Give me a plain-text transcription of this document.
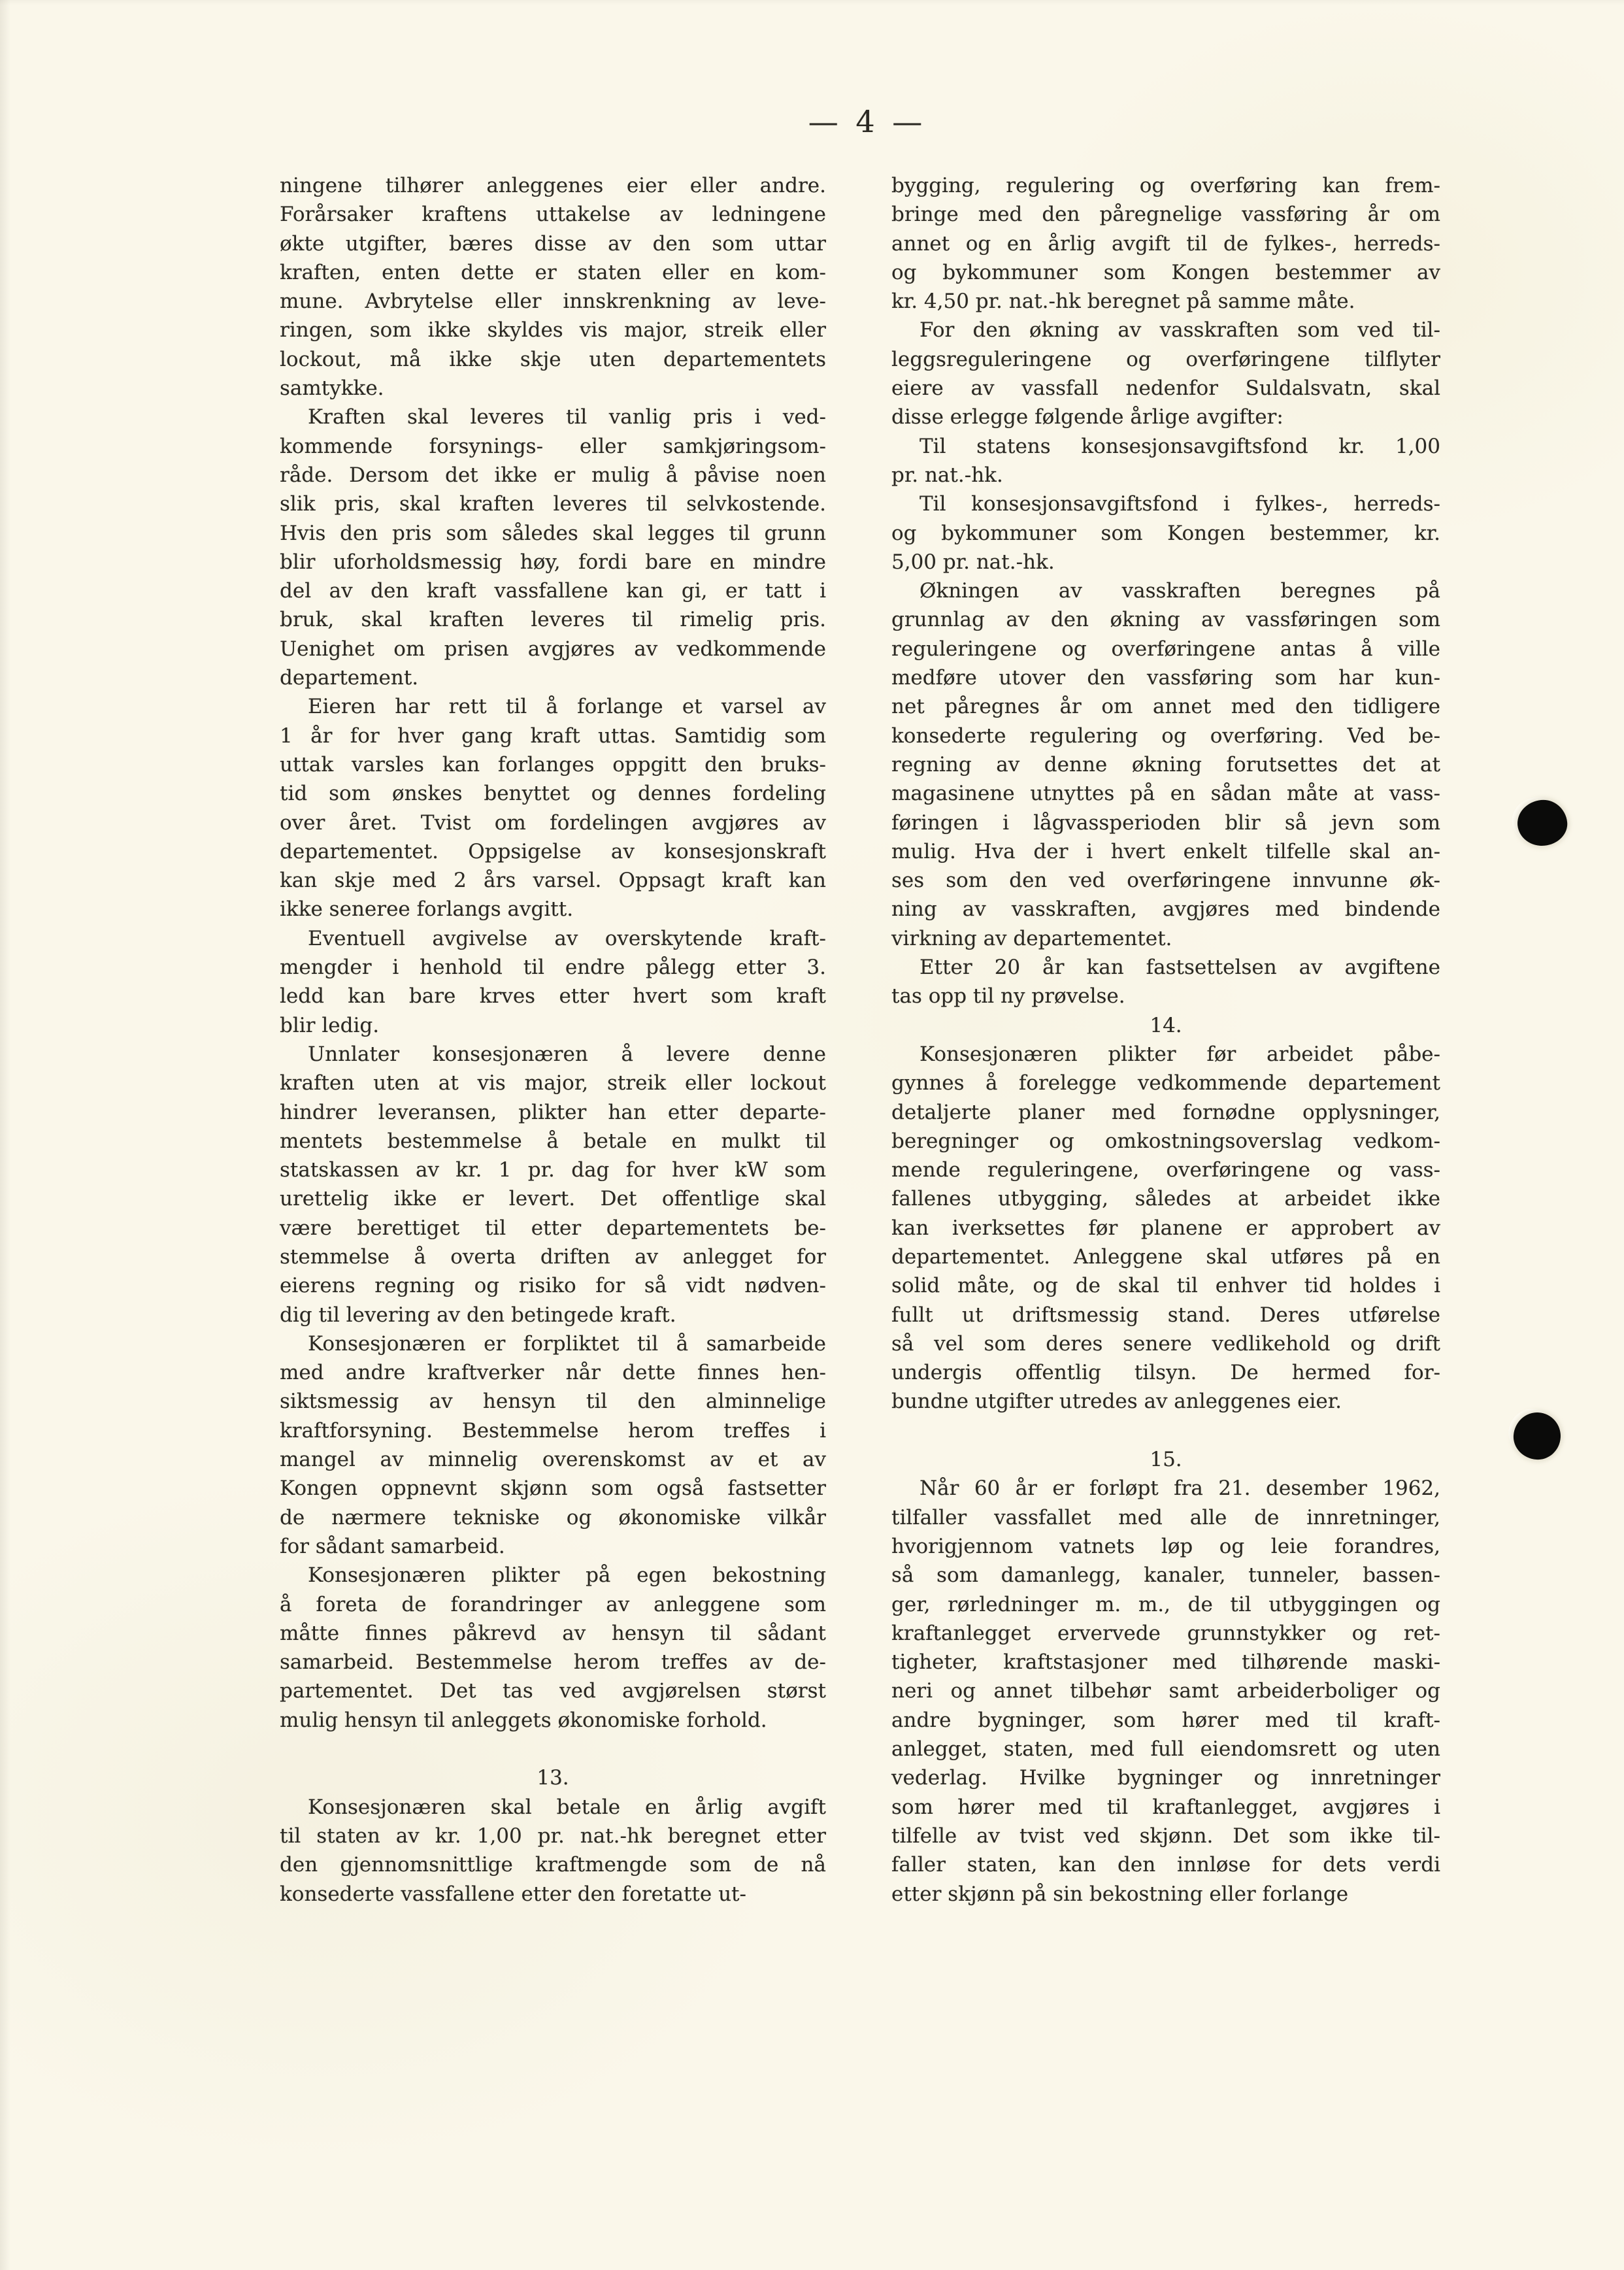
— 4 —
ningene tilhører anleggenes eier eller andre.
Forårsaker kraftens uttakelse av ledningene
økte utgifter, bæres disse av den som uttar
kraften, enten dette er staten eller en kom-
mune. Avbrytelse eller innskrenkning av leve-
ringen, som ikke skyldes vis major, streik eller
lockout, må ikke skje uten departementets
samtykke.
Kraften skal leveres til vanlig pris i ved-
kommende forsynings- eller samkjøringsom-
råde. Dersom det ikke er mulig å påvise noen
slik pris, skal kraften leveres til selvkostende.
Hvis den pris som således skal legges til grunn
blir uforholdsmessig høy, fordi bare en mindre
del av den kraft vassfallene kan gi, er tatt i
bruk, skal kraften leveres til rimelig pris.
Uenighet om prisen avgjøres av vedkommende
departement.
Eieren har rett til å forlange et varsel av
1 år for hver gang kraft uttas. Samtidig som
uttak varsles kan forlanges oppgitt den bruks-
tid som ønskes benyttet og dennes fordeling
over året. Tvist om fordelingen avgjøres av
departementet. Oppsigelse av konsesjonskraft
kan skje med 2 års varsel. Oppsagt kraft kan
ikke seneree forlangs avgitt.
Eventuell avgivelse av overskytende kraft-
mengder i henhold til endre pålegg etter 3.
ledd kan bare krves etter hvert som kraft
blir ledig.
Unnlater konsesjonæren å levere denne
kraften uten at vis major, streik eller lockout
hindrer leveransen, plikter han etter departe-
mentets bestemmelse å betale en mulkt til
statskassen av kr. 1 pr. dag for hver kW som
urettelig ikke er levert. Det offentlige skal
være berettiget til etter departementets be-
stemmelse å overta driften av anlegget for
eierens regning og risiko for så vidt nødven-
dig til levering av den betingede kraft.
Konsesjonæren er forpliktet til å samarbeide
med andre kraftverker når dette finnes hen-
siktsmessig av hensyn til den alminnelige
kraftforsyning. Bestemmelse herom treffes i
mangel av minnelig overenskomst av et av
Kongen oppnevnt skjønn som også fastsetter
de nærmere tekniske og økonomiske vilkår
for sådant samarbeid.
Konsesjonæren plikter på egen bekostning
å foreta de forandringer av anleggene som
måtte finnes påkrevd av hensyn til sådant
samarbeid. Bestemmelse herom treffes av de-
partementet. Det tas ved avgjørelsen størst
mulig hensyn til anleggets økonomiske forhold.
13.
Konsesjonæren skal betale en årlig avgift
til staten av kr. 1,00 pr. nat.-hk beregnet etter
den gjennomsnittlige kraftmengde som de nå
konsederte vassfallene etter den foretatte ut-
bygging, regulering og overføring kan frem-
bringe med den påregnelige vassføring år om
annet og en årlig avgift til de fylkes-, herreds-
og bykommuner som Kongen bestemmer av
kr. 4,50 pr. nat.-hk beregnet på samme måte.
For den økning av vasskraften som ved til-
leggsreguleringene og overføringene tilflyter
eiere av vassfall nedenfor Suldalsvatn, skal
disse erlegge følgende årlige avgifter:
Til statens konsesjonsavgiftsfond kr. 1,00
pr. nat.-hk.
Til konsesjonsavgiftsfond i fylkes-, herreds-
og bykommuner som Kongen bestemmer, kr.
5,00 pr. nat.-hk.
Økningen av vasskraften beregnes på
grunnlag av den økning av vassføringen som
reguleringene og overføringene antas å ville
medføre utover den vassføring som har kun-
net påregnes år om annet med den tidligere
konsederte regulering og overføring. Ved be-
regning av denne økning forutsettes det at
magasinene utnyttes på en sådan måte at vass-
føringen i lågvassperioden blir så jevn som
mulig. Hva der i hvert enkelt tilfelle skal an-
ses som den ved overføringene innvunne øk-
ning av vasskraften, avgjøres med bindende
virkning av departementet.
Etter 20 år kan fastsettelsen av avgiftene
tas opp til ny prøvelse.
14.
Konsesjonæren plikter før arbeidet påbe-
gynnes å forelegge vedkommende departement
detaljerte planer med fornødne opplysninger,
beregninger og omkostningsoverslag vedkom-
mende reguleringene, overføringene og vass-
fallenes utbygging, således at arbeidet ikke
kan iverksettes før planene er approbert av
departementet. Anleggene skal utføres på en
solid måte, og de skal til enhver tid holdes i
fullt ut driftsmessig stand. Deres utførelse
så vel som deres senere vedlikehold og drift
undergis offentlig tilsyn. De hermed for-
bundne utgifter utredes av anleggenes eier.
15.
Når 60 år er forløpt fra 21. desember 1962,
tilfaller vassfallet med alle de innretninger,
hvorigjennom vatnets løp og leie forandres,
så som damanlegg, kanaler, tunneler, bassen-
ger, rørledninger m. m., de til utbyggingen og
kraftanlegget ervervede grunnstykker og ret-
tigheter, kraftstasjoner med tilhørende maski-
neri og annet tilbehør samt arbeiderboliger og
andre bygninger, som hører med til kraft-
anlegget, staten, med full eiendomsrett og uten
vederlag. Hvilke bygninger og innretninger
som hører med til kraftanlegget, avgjøres i
tilfelle av tvist ved skjønn. Det som ikke til-
faller staten, kan den innløse for dets verdi
etter skjønn på sin bekostning eller forlange
